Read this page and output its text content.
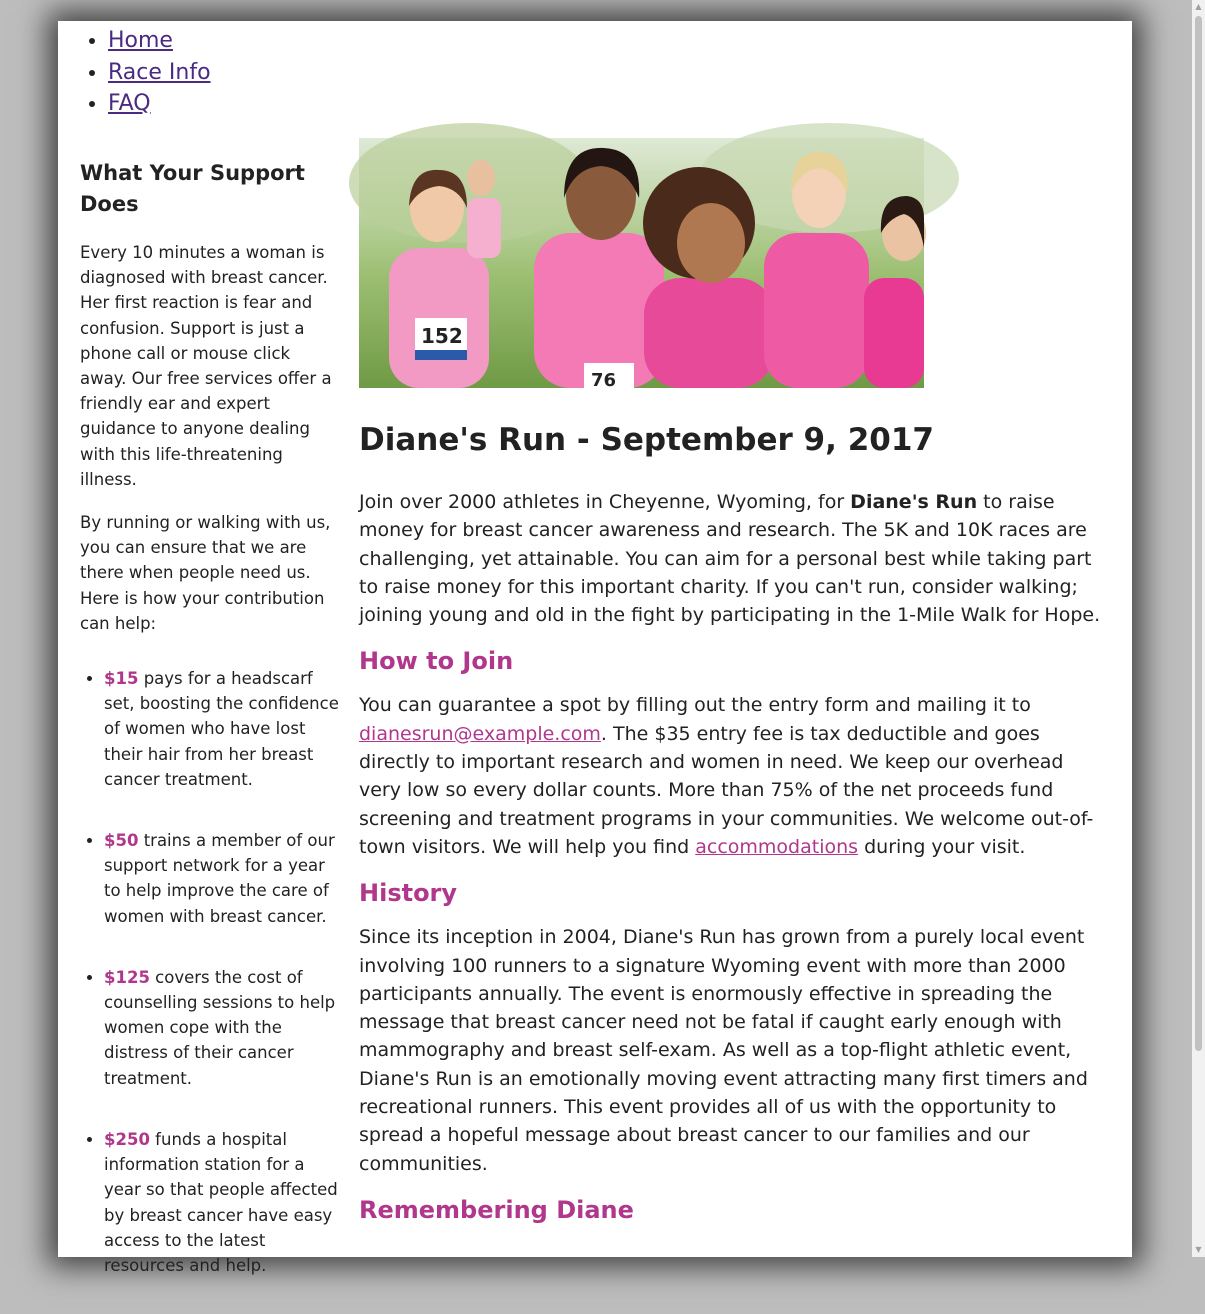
• Home
• Race Info
• FAQ
What Your Support Does

Every 10 minutes a woman is diagnosed with breast cancer. Her first reaction is fear and confusion. Support is just a phone call or mouse click away. Our free services offer a friendly ear and expert guidance to anyone dealing with this life-threatening illness.

By running or walking with us, you can ensure that we are there when people need us. Here is how your contribution can help:

• $15 pays for a headscarf set, boosting the confidence of women who have lost their hair from her breast cancer treatment.
• $50 trains a member of our support network for a year to help improve the care of women with breast cancer.
• $125 covers the cost of counselling sessions to help women cope with the distress of their cancer treatment.
• $250 funds a hospital information station for a year so that people affected by breast cancer have easy access to the latest resources and help.
152
76
Diane's Run - September 9, 2017

Join over 2000 athletes in Cheyenne, Wyoming, for Diane's Run to raise money for breast cancer awareness and research. The 5K and 10K races are challenging, yet attainable. You can aim for a personal best while taking part to raise money for this important charity. If you can't run, consider walking; joining young and old in the fight by participating in the 1-Mile Walk for Hope.

How to Join

You can guarantee a spot by filling out the entry form and mailing it to dianesrun@example.com. The $35 entry fee is tax deductible and goes directly to important research and women in need. We keep our overhead very low so every dollar counts. More than 75% of the net proceeds fund screening and treatment programs in your communities. We welcome out-of-town visitors. We will help you find accommodations during your visit.

History

Since its inception in 2004, Diane's Run has grown from a purely local event involving 100 runners to a signature Wyoming event with more than 2000 participants annually. The event is enormously effective in spreading the message that breast cancer need not be fatal if caught early enough with mammography and breast self-exam. As well as a top-flight athletic event, Diane's Run is an emotionally moving event attracting many first timers and recreational runners. This event provides all of us with the opportunity to spread a hopeful message about breast cancer to our families and our communities.

Remembering Diane
▲
▼
